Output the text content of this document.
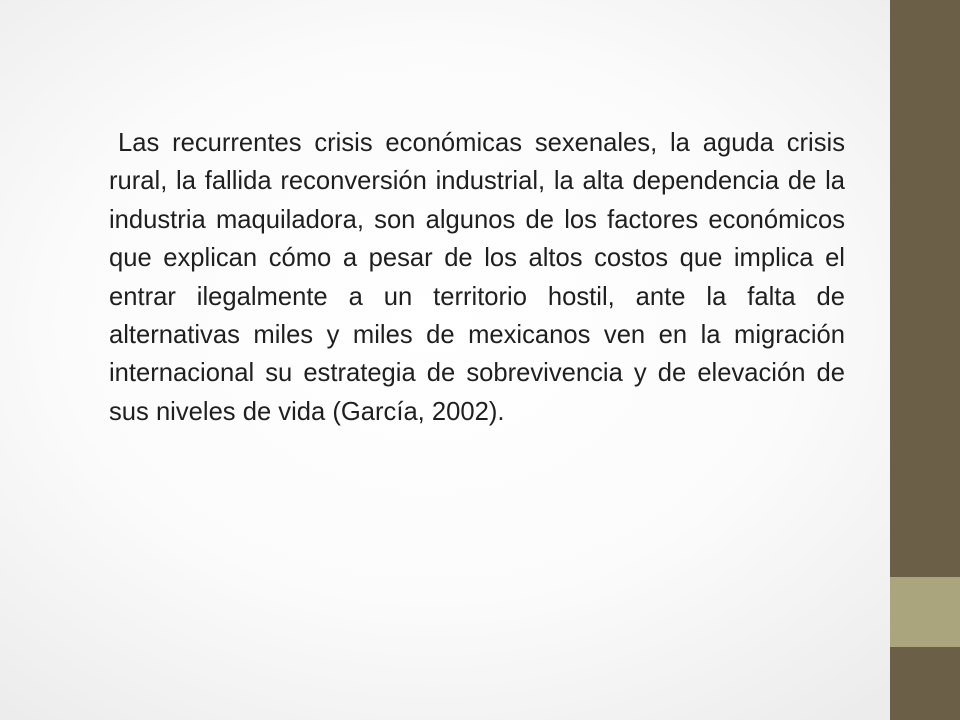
Las recurrentes crisis económicas sexenales, la aguda crisis rural, la fallida reconversión industrial, la alta dependencia de la industria maquiladora, son algunos de los factores económicos que explican cómo a pesar de los altos costos que implica el entrar ilegalmente a un territorio hostil, ante la falta de alternativas miles y miles de mexicanos ven en la migración internacional su estrategia de sobrevivencia y de elevación de sus niveles de vida (García, 2002).
